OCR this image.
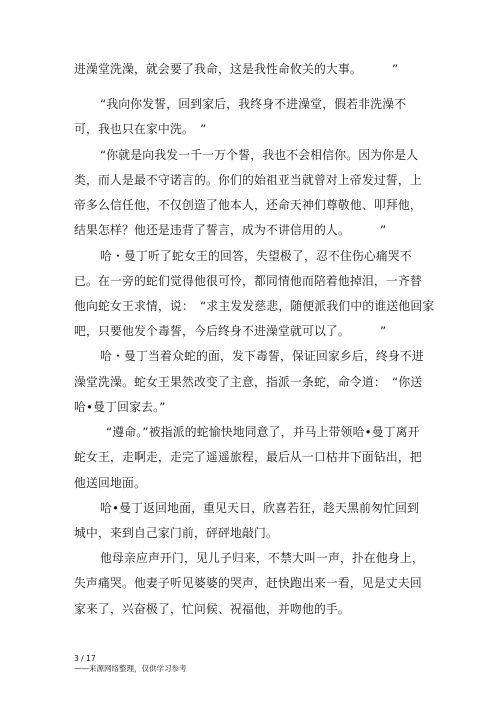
进澡堂洗澡，就会要了我命，这是我性命攸关的大事。　　　”
“我向你发誓，回到家后，我终身不进澡堂，假若非洗澡不
可，我也只在家中洗。　”
“你就是向我发一千一万个誓，我也不会相信你。因为你是人
类，而人是最不守诺言的。你们的始祖亚当就曾对上帝发过誓，上
帝多么信任他，不仅创造了他本人，还命天神们尊敬他、叩拜他，
结果怎样？他还是违背了誓言，成为不讲信用的人。　　　”
哈・曼丁听了蛇女王的回答，失望极了，忍不住伤心痛哭不
已。在一旁的蛇们觉得他很可怜，都同情他而陪着他掉泪，一齐替
他向蛇女王求情，说：　“求主发发慈悲，随便派我们中的谁送他回家
吧，只要他发个毒誓，今后终身不进澡堂就可以了。　　　”
哈・曼丁当着众蛇的面，发下毒誓，保证回家乡后，终身不进
澡堂洗澡。蛇女王果然改变了主意，指派一条蛇，命令道：　“你送
哈•曼丁回家去。”
“遵命。”被指派的蛇愉快地同意了，并马上带领哈•曼丁离开
蛇女王，走啊走，走完了遥遥旅程，最后从一口枯井下面钻出，把
他送回地面。
哈•曼丁返回地面，重见天日，欣喜若狂，趁天黑前匆忙回到
城中，来到自己家门前，砰砰地敲门。
他母亲应声开门，见儿子归来，不禁大叫一声，扑在他身上，
失声痛哭。他妻子听见婆婆的哭声，赶快跑出来一看，见是丈夫回
家来了，兴奋极了，忙问候、祝福他，并吻他的手。
3 / 17
——来源网络整理，仅供学习参考
